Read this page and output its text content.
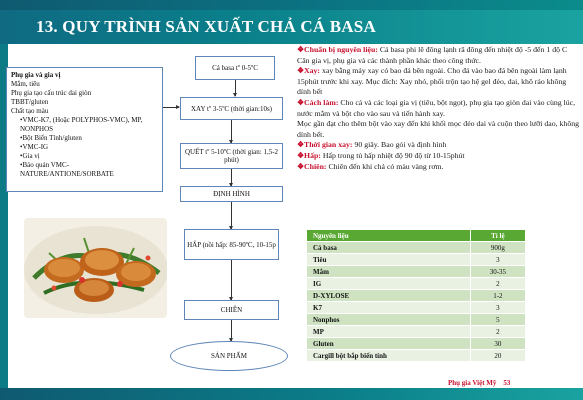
13. QUY TRÌNH SẢN XUẤT CHẢ CÁ BASA
Phụ gia và gia vị
Mắm, tiêu
Phụ gia tạo cấu trúc dai giòn
TBBT/gluten
Chất tạo màu
•VMC-K7, (Hoặc POLYPHOS-VMC), MP, NONPHOS
•Bột Biến Tính/gluten
•VMC-IG
•Gia vị
•Bảo quản VMC-NATURE/ANTIONE/SORBATE
Cá basa tº 0-5ºC
XAY tº 3-5ºC (thời gian:10s)
QUẾT tº 5-10ºC (thời gian: 1,5-2 phút)
ĐỊNH HÌNH
HẤP (nồi hấp: 85-90ºC, 10-15p
CHIÊN
SẢN PHẨM

❖Chuẩn bị nguyên liệu: Cá basa phi lê đông lạnh rã đông đến nhiệt độ -5 đến 1 độ C

Cân gia vị, phụ gia và các thành phần khác theo công thức.

❖Xay: xay bằng máy xay có bao đá bên ngoài. Cho đá vào bao đá bên ngoài làm lạnh 15phút trước khi xay. Mục đích: Xay nhỏ, phối trộn tạo hệ gel đẻo, dai, khô ráo không dính bết

❖Cách làm: Cho cá và các loại gia vị (tiêu, bột ngọt), phụ gia tạo giòn dai vào cùng lúc, nước mắm và bột cho vào sau và tiến hành xay.

Mọc gần đạt cho thêm bột vào xay đến khi khối mọc đẻo dai và cuộn theo lưỡi dao, không dính bết.

❖Thời gian xay: 90 giây. Bao gói và định hình

❖Hấp: Hấp trong tủ hấp nhiệt độ 90 độ từ 10-15phút

❖Chiên: Chiên đến khi chả có màu vàng rơm.

Nguyên liệu	Tỉ lệ
Cá basa	900g
Tiêu	3
Mắm	30-35
IG	2
D-XYLOSE	1-2
K7	3
Nonphos	5
MP	2
Gluten	30
Cargill bột bắp biến tính	20
Phụ gia Việt Mỹ 53
